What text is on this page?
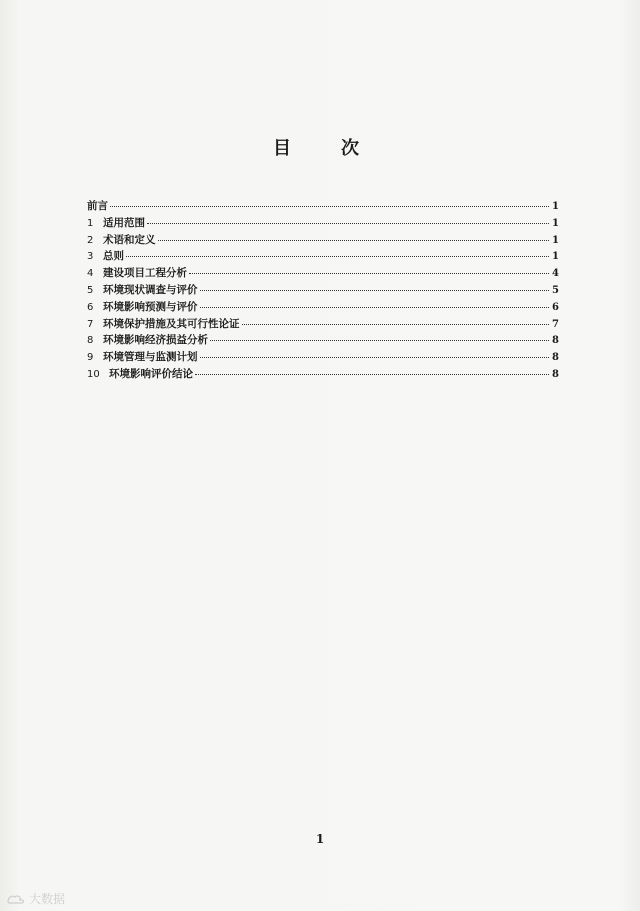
目　次
前言	1
1 适用范围	1
2 术语和定义	1
3 总则	1
4 建设项目工程分析	4
5 环境现状调查与评价	5
6 环境影响预测与评价	6
7 环境保护措施及其可行性论证	7
8 环境影响经济损益分析	8
9 环境管理与监测计划	8
10 环境影响评价结论	8
1
大数据
